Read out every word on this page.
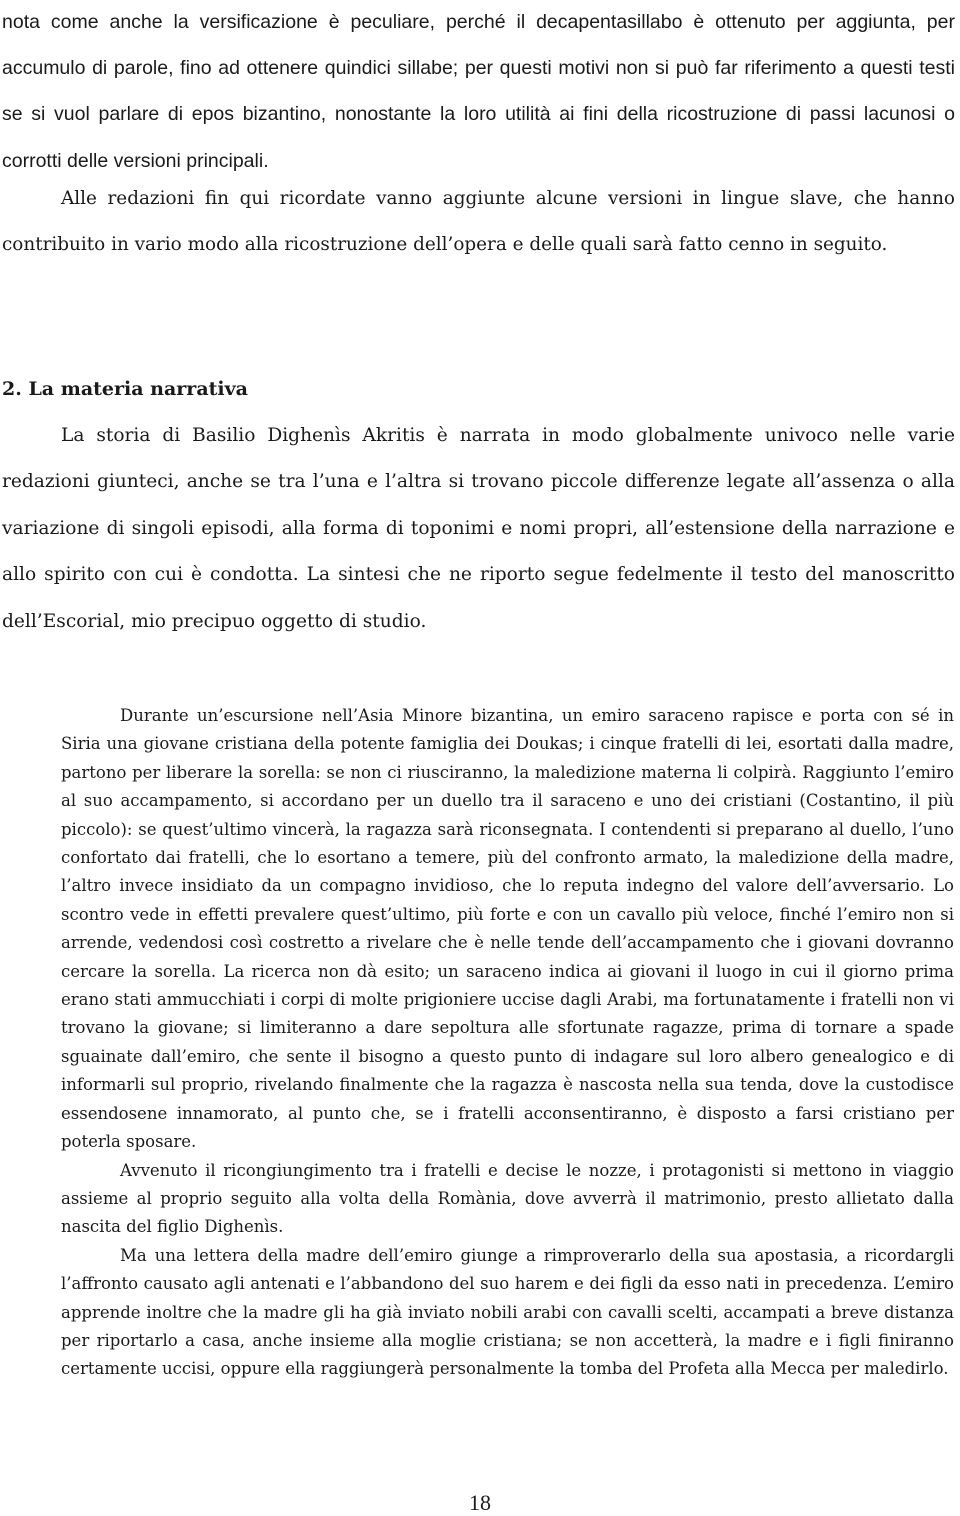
nota come anche la versificazione è peculiare, perché il decapentasillabo è ottenuto per aggiunta, per accumulo di parole, fino ad ottenere quindici sillabe; per questi motivi non si può far riferimento a questi testi se si vuol parlare di epos bizantino, nonostante la loro utilità ai fini della ricostruzione di passi lacunosi o corrotti delle versioni principali.

Alle redazioni fin qui ricordate vanno aggiunte alcune versioni in lingue slave, che hanno contribuito in vario modo alla ricostruzione dell’opera e delle quali sarà fatto cenno in seguito.

2. La materia narrativa

La storia di Basilio Dighenìs Akritis è narrata in modo globalmente univoco nelle varie redazioni giunteci, anche se tra l’una e l’altra si trovano piccole differenze legate all’assenza o alla variazione di singoli episodi, alla forma di toponimi e nomi propri, all’estensione della narrazione e allo spirito con cui è condotta. La sintesi che ne riporto segue fedelmente il testo del manoscritto dell’Escorial, mio precipuo oggetto di studio.

Durante un’escursione nell’Asia Minore bizantina, un emiro saraceno rapisce e porta con sé in Siria una giovane cristiana della potente famiglia dei Doukas; i cinque fratelli di lei, esortati dalla madre, partono per liberare la sorella: se non ci riusciranno, la maledizione materna li colpirà. Raggiunto l’emiro al suo accampamento, si accordano per un duello tra il saraceno e uno dei cristiani (Costantino, il più piccolo): se quest’ultimo vincerà, la ragazza sarà riconsegnata. I contendenti si preparano al duello, l’uno confortato dai fratelli, che lo esortano a temere, più del confronto armato, la maledizione della madre, l’altro invece insidiato da un compagno invidioso, che lo reputa indegno del valore dell’avversario. Lo scontro vede in effetti prevalere quest’ultimo, più forte e con un cavallo più veloce, finché l’emiro non si arrende, vedendosi così costretto a rivelare che è nelle tende dell’accampamento che i giovani dovranno cercare la sorella. La ricerca non dà esito; un saraceno indica ai giovani il luogo in cui il giorno prima erano stati ammucchiati i corpi di molte prigioniere uccise dagli Arabi, ma fortunatamente i fratelli non vi trovano la giovane; si limiteranno a dare sepoltura alle sfortunate ragazze, prima di tornare a spade sguainate dall’emiro, che sente il bisogno a questo punto di indagare sul loro albero genealogico e di informarli sul proprio, rivelando finalmente che la ragazza è nascosta nella sua tenda, dove la custodisce essendosene innamorato, al punto che, se i fratelli acconsentiranno, è disposto a farsi cristiano per poterla sposare.

Avvenuto il ricongiungimento tra i fratelli e decise le nozze, i protagonisti si mettono in viaggio assieme al proprio seguito alla volta della Romània, dove avverrà il matrimonio, presto allietato dalla nascita del figlio Dighenìs.

Ma una lettera della madre dell’emiro giunge a rimproverarlo della sua apostasia, a ricordargli l’affronto causato agli antenati e l’abbandono del suo harem e dei figli da esso nati in precedenza. L’emiro apprende inoltre che la madre gli ha già inviato nobili arabi con cavalli scelti, accampati a breve distanza per riportarlo a casa, anche insieme alla moglie cristiana; se non accetterà, la madre e i figli finiranno certamente uccisi, oppure ella raggiungerà personalmente la tomba del Profeta alla Mecca per maledirlo.

18
